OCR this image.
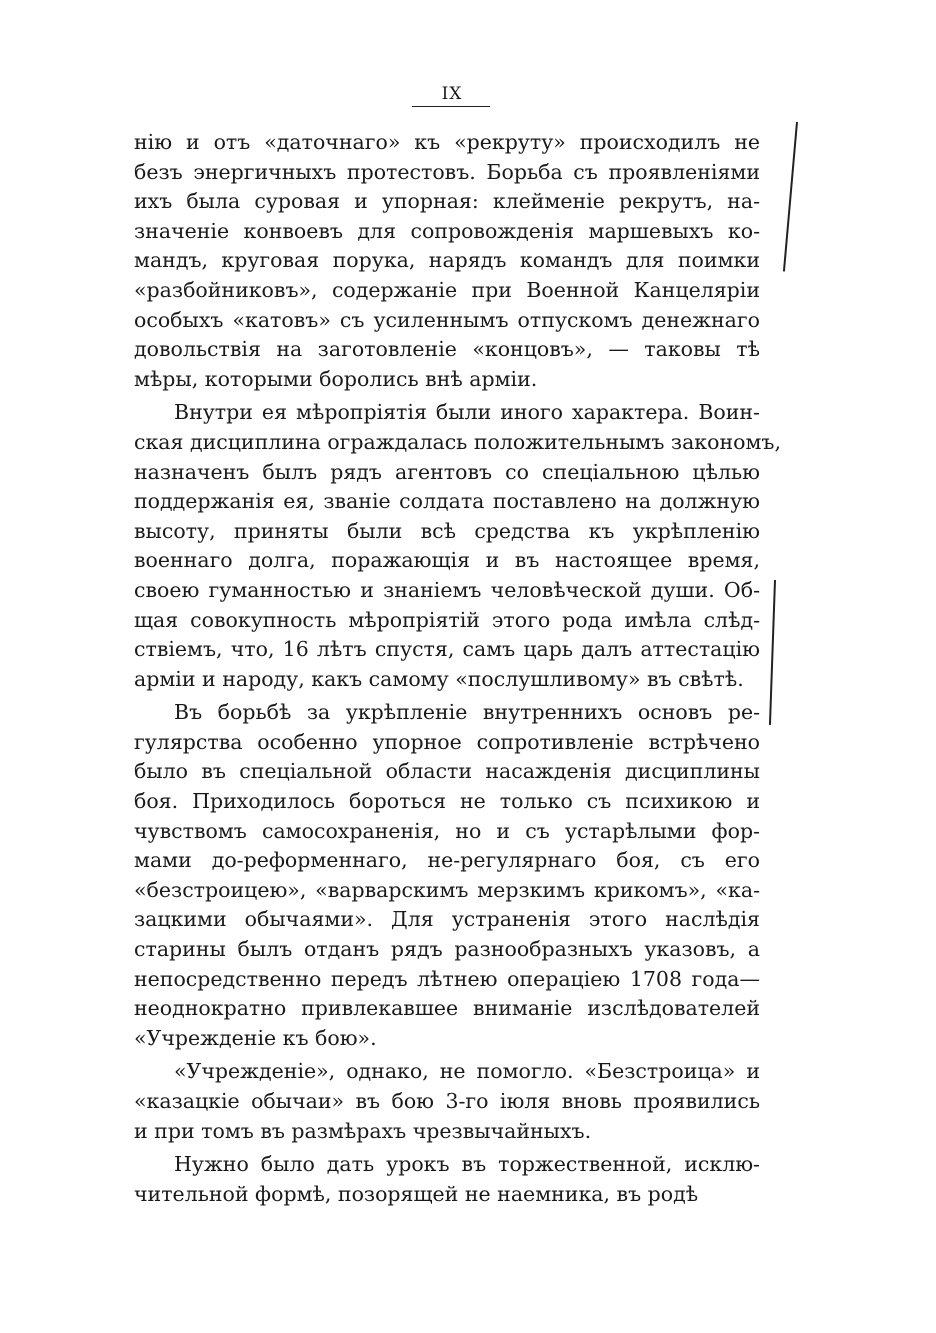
IX
нію и отъ «даточнаго» къ «рекруту» происходилъ не
безъ энергичныхъ протестовъ. Борьба съ проявленіями
ихъ была суровая и упорная: клейменіе рекрутъ, на-
значеніе конвоевъ для сопровожденія маршевыхъ ко-
мандъ, круговая порука, нарядъ командъ для поимки
«разбойниковъ», содержаніе при Военной Канцеляріи
особыхъ «катовъ» съ усиленнымъ отпускомъ денежнаго
довольствія на заготовленіе «концовъ», — таковы тѣ
мѣры, которыми боролись внѣ арміи.
Внутри ея мѣропріятія были иного характера. Воин-
ская дисциплина ограждалась положительнымъ закономъ,
назначенъ былъ рядъ агентовъ со спеціальною цѣлью
поддержанія ея, званіе солдата поставлено на должную
высоту, приняты были всѣ средства къ укрѣпленію
военнаго долга, поражающія и въ настоящее время,
своею гуманностью и знаніемъ человѣческой души. Об-
щая совокупность мѣропріятій этого рода имѣла слѣд-
ствіемъ, что, 16 лѣтъ спустя, самъ царь далъ аттестацію
арміи и народу, какъ самому «послушливому» въ свѣтѣ.
Въ борьбѣ за укрѣпленіе внутреннихъ основъ ре-
гулярства особенно упорное сопротивленіе встрѣчено
было въ спеціальной области насажденія дисциплины
боя. Приходилось бороться не только съ психикою и
чувствомъ самосохраненія, но и съ устарѣлыми фор-
мами до-реформеннаго, не-регулярнаго боя, съ его
«безстроицею», «варварскимъ мерзкимъ крикомъ», «ка-
зацкими обычаями». Для устраненія этого наслѣдія
старины былъ отданъ рядъ разнообразныхъ указовъ, а
непосредственно передъ лѣтнею операціею 1708 года—
неоднократно привлекавшее вниманіе изслѣдователей
«Учрежденіе къ бою».
«Учрежденіе», однако, не помогло. «Безстроица» и
«казацкіе обычаи» въ бою 3-го іюля вновь проявились
и при томъ въ размѣрахъ чрезвычайныхъ.
Нужно было дать урокъ въ торжественной, исклю-
чительной формѣ, позорящей не наемника, въ родѣ
